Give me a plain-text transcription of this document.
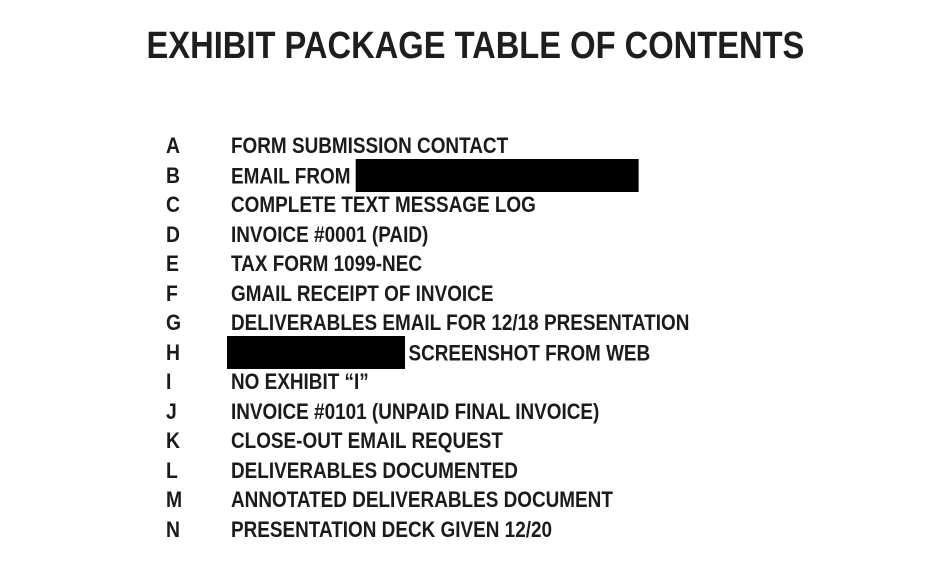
EXHIBIT PACKAGE TABLE OF CONTENTS
A	FORM SUBMISSION CONTACT
B	EMAIL FROM
C	COMPLETE TEXT MESSAGE LOG
D	INVOICE #0001 (PAID)
E	TAX FORM 1099-NEC
F	GMAIL RECEIPT OF INVOICE
G	DELIVERABLES EMAIL FOR 12/18 PRESENTATION
H	SCREENSHOT FROM WEB
I	NO EXHIBIT “I”
J	INVOICE #0101 (UNPAID FINAL INVOICE)
K	CLOSE-OUT EMAIL REQUEST
L	DELIVERABLES DOCUMENTED
M	ANNOTATED DELIVERABLES DOCUMENT
N	PRESENTATION DECK GIVEN 12/20
